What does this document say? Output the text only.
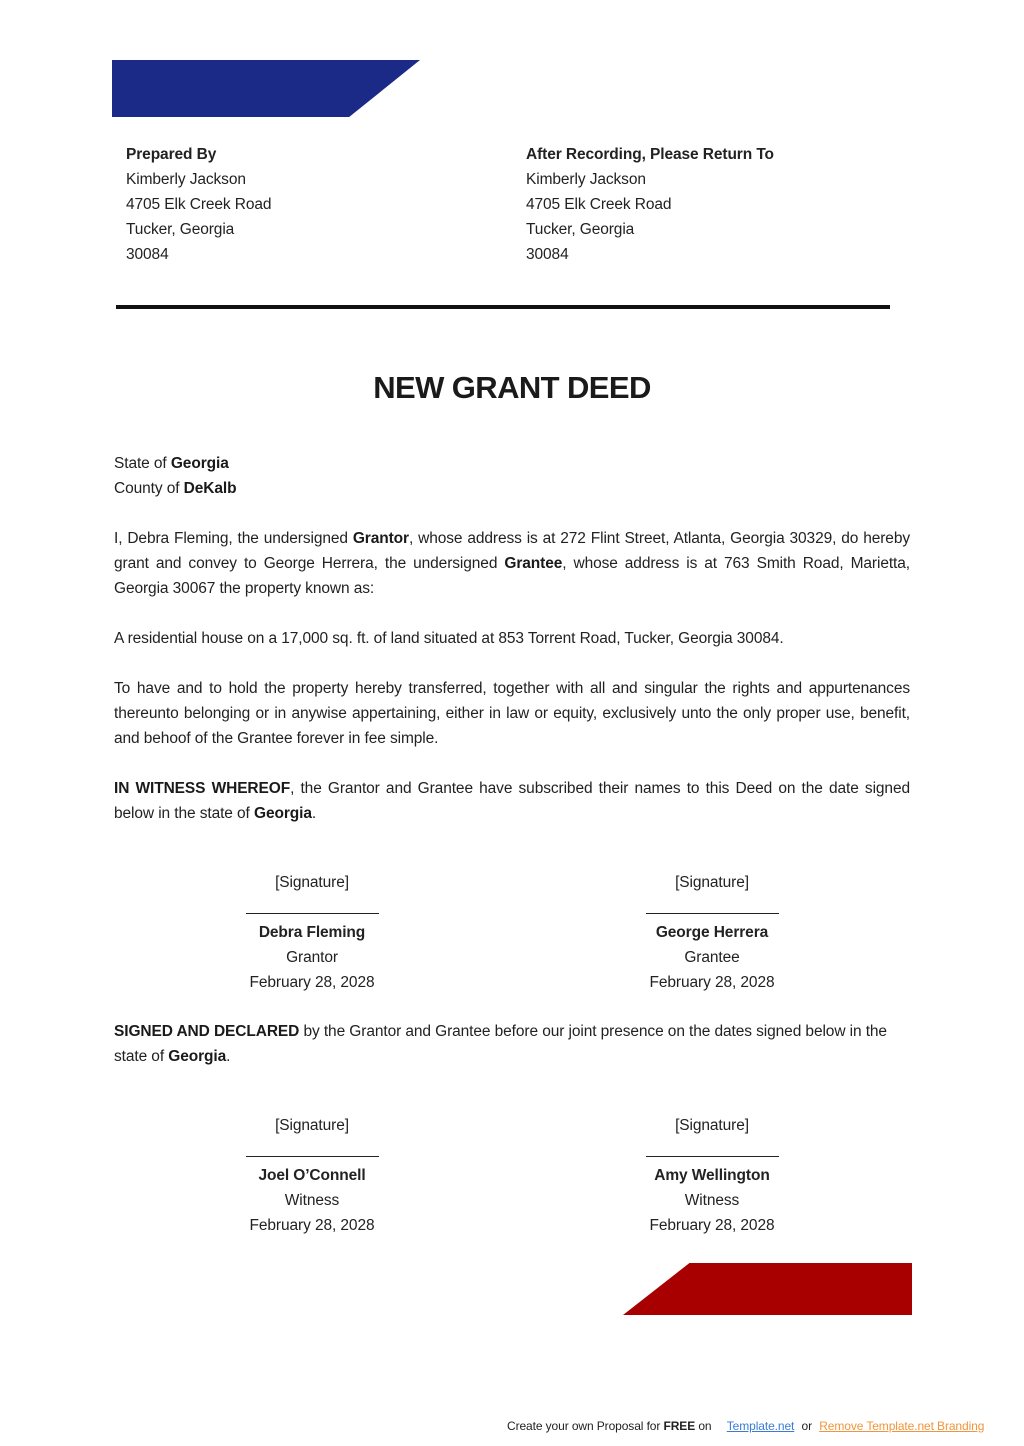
Prepared By
Kimberly Jackson
4705 Elk Creek Road
Tucker, Georgia
30084
After Recording, Please Return To
Kimberly Jackson
4705 Elk Creek Road
Tucker, Georgia
30084
NEW GRANT DEED
State of Georgia
County of DeKalb
I, Debra Fleming, the undersigned Grantor, whose address is at 272 Flint Street, Atlanta, Georgia 30329, do hereby grant and convey to George Herrera, the undersigned Grantee, whose address is at 763 Smith Road, Marietta, Georgia 30067 the property known as:
A residential house on a 17,000 sq. ft. of land situated at 853 Torrent Road, Tucker, Georgia 30084.
To have and to hold the property hereby transferred, together with all and singular the rights and appurtenances thereunto belonging or in anywise appertaining, either in law or equity, exclusively unto the only proper use, benefit, and behoof of the Grantee forever in fee simple.
IN WITNESS WHEREOF, the Grantor and Grantee have subscribed their names to this Deed on the date signed below in the state of Georgia.
[Signature]
Debra Fleming
Grantor
February 28, 2028
[Signature]
George Herrera
Grantee
February 28, 2028
SIGNED AND DECLARED by the Grantor and Grantee before our joint presence on the dates signed below in the state of Georgia.
[Signature]
Joel O’Connell
Witness
February 28, 2028
[Signature]
Amy Wellington
Witness
February 28, 2028
Create your own Proposal for FREE on Template.net or Remove Template.net Branding
